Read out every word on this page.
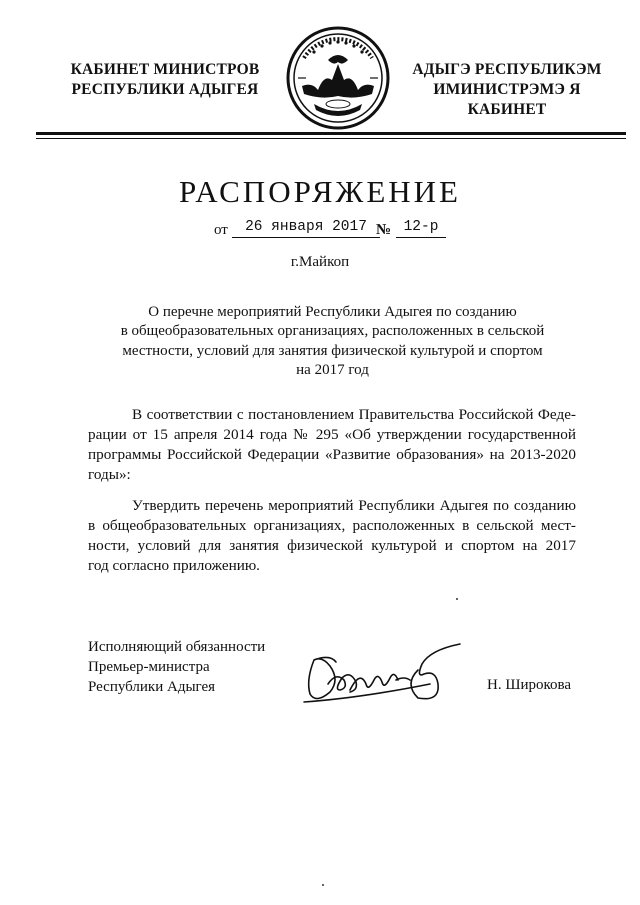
КАБИНЕТ МИНИСТРОВ
РЕСПУБЛИКИ АДЫГЕЯ
АДЫГЭ РЕСПУБЛИКЭМ
ИМИНИСТРЭМЭ Я КАБИНЕТ
РАСПОРЯЖЕНИЕ
от	26 января 2017 № 12-р
г.Майкоп
О перечне мероприятий Республики Адыгея по созданию
в общеобразовательных организациях, расположенных в сельской
местности, условий для занятия физической культурой и спортом
на 2017 год
В соответствии с постановлением Правительства Российской Феде-
рации от 15 апреля 2014 года № 295 «Об утверждении государственной
программы Российской Федерации «Развитие образования» на 2013-2020
годы»:
Утвердить перечень мероприятий Республики Адыгея по созданию
в общеобразовательных организациях, расположенных в сельской мест-
ности, условий для занятия физической культурой и спортом на 2017
год согласно приложению.
Исполняющий обязанности
Премьер-министра
Республики Адыгея	Н. Широкова
